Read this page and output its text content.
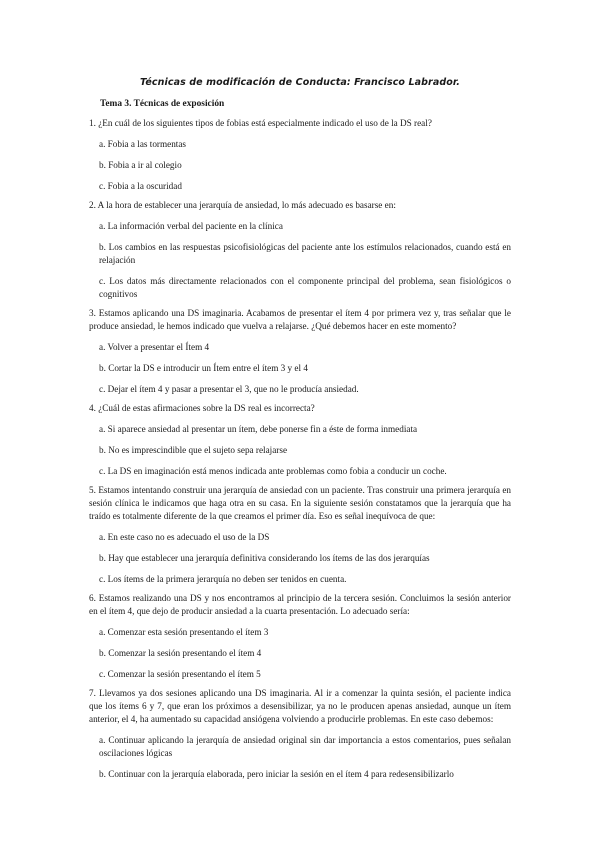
Técnicas de modificación de Conducta: Francisco Labrador.
Tema 3. Técnicas de exposición

1. ¿En cuál de los siguientes tipos de fobias está especialmente indicado el uso de la DS real?

a. Fobia a las tormentas

b. Fobia a ir al colegio

c. Fobia a la oscuridad

2. A la hora de establecer una jerarquía de ansiedad, lo más adecuado es basarse en:

a. La información verbal del paciente en la clínica

b. Los cambios en las respuestas psicofisiológicas del paciente ante los estímulos relacionados, cuando está en relajación

c. Los datos más directamente relacionados con el componente principal del problema, sean fisiológicos o cognitivos

3. Estamos aplicando una DS imaginaria. Acabamos de presentar el ítem 4 por primera vez y, tras señalar que le produce ansiedad, le hemos indicado que vuelva a relajarse. ¿Qué debemos hacer en este momento?

a. Volver a presentar el Ítem 4

b. Cortar la DS e introducir un Ítem entre el ítem 3 y el 4

c. Dejar el ítem 4 y pasar a presentar el 3, que no le producía ansiedad.

4. ¿Cuál de estas afirmaciones sobre la DS real es incorrecta?

a. Si aparece ansiedad al presentar un ítem, debe ponerse fin a éste de forma inmediata

b. No es imprescindible que el sujeto sepa relajarse

c. La DS en imaginación está menos indicada ante problemas como fobia a conducir un coche.

5. Estamos intentando construir una jerarquía de ansiedad con un paciente. Tras construir una primera jerarquía en sesión clínica le indicamos que haga otra en su casa. En la siguiente sesión constatamos que la jerarquía que ha traído es totalmente diferente de la que creamos el primer día. Eso es señal inequívoca de que:

a. En este caso no es adecuado el uso de la DS

b. Hay que establecer una jerarquía definitiva considerando los ítems de las dos jerarquías

c. Los ítems de la primera jerarquía no deben ser tenidos en cuenta.

6. Estamos realizando una DS y nos encontramos al principio de la tercera sesión. Concluimos la sesión anterior en el ítem 4, que dejo de producir ansiedad a la cuarta presentación. Lo adecuado sería:

a. Comenzar esta sesión presentando el ítem 3

b. Comenzar la sesión presentando el ítem 4

c. Comenzar la sesión presentando el ítem 5

7. Llevamos ya dos sesiones aplicando una DS imaginaria. Al ir a comenzar la quinta sesión, el paciente indica que los ítems 6 y 7, que eran los próximos a desensibilizar, ya no le producen apenas ansiedad, aunque un ítem anterior, el 4, ha aumentado su capacidad ansiógena volviendo a producirle problemas. En este caso debemos:

a. Continuar aplicando la jerarquía de ansiedad original sin dar importancia a estos comentarios, pues señalan oscilaciones lógicas

b. Continuar con la jerarquía elaborada, pero iniciar la sesión en el ítem 4 para redesensibilizarlo
